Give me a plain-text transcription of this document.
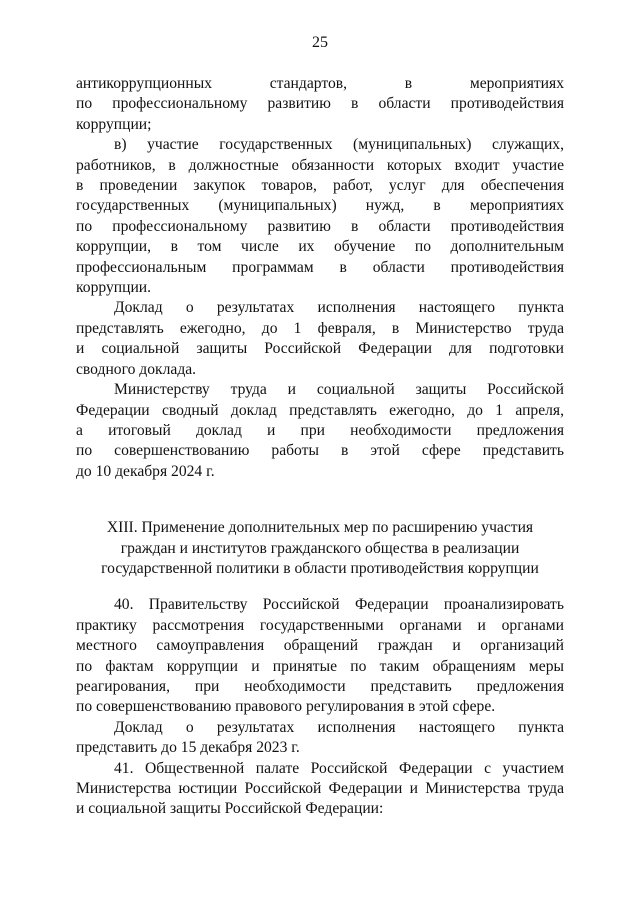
25
антикоррупционных стандартов, в мероприятиях
по профессиональному развитию в области противодействия
коррупции;
в) участие государственных (муниципальных) служащих,
работников, в должностные обязанности которых входит участие
в проведении закупок товаров, работ, услуг для обеспечения
государственных (муниципальных) нужд, в мероприятиях
по профессиональному развитию в области противодействия
коррупции, в том числе их обучение по дополнительным
профессиональным программам в области противодействия
коррупции.
Доклад о результатах исполнения настоящего пункта
представлять ежегодно, до 1 февраля, в Министерство труда
и социальной защиты Российской Федерации для подготовки
сводного доклада.
Министерству труда и социальной защиты Российской
Федерации сводный доклад представлять ежегодно, до 1 апреля,
а итоговый доклад и при необходимости предложения
по совершенствованию работы в этой сфере представить
до 10 декабря 2024 г.
XIII. Применение дополнительных мер по расширению участия
граждан и институтов гражданского общества в реализации
государственной политики в области противодействия коррупции
40. Правительству Российской Федерации проанализировать
практику рассмотрения государственными органами и органами
местного самоуправления обращений граждан и организаций
по фактам коррупции и принятые по таким обращениям меры
реагирования, при необходимости представить предложения
по совершенствованию правового регулирования в этой сфере.
Доклад о результатах исполнения настоящего пункта
представить до 15 декабря 2023 г.
41. Общественной палате Российской Федерации с участием
Министерства юстиции Российской Федерации и Министерства труда
и социальной защиты Российской Федерации:
